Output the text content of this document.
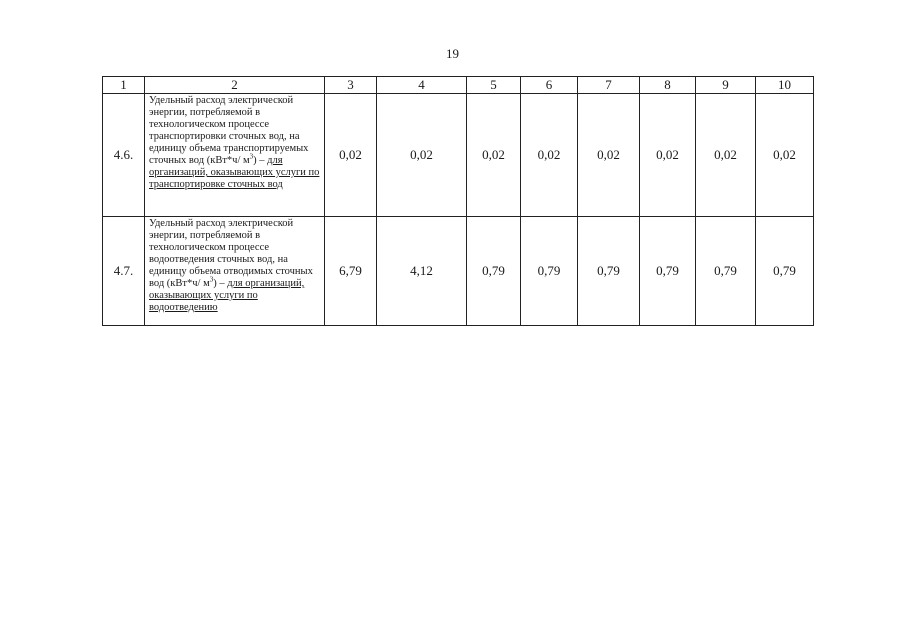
19
1	2	3	4	5	6	7	8	9	10
4.6.	Удельный расход электрической энергии, потребляемой в технологическом процессе транспортировки сточных вод, на единицу объема транспортируемых сточных вод (кВт*ч/ $м^3$) – для организаций, оказывающих услуги по транспортировке сточных вод	0,02	0,02	0,02	0,02	0,02	0,02	0,02	0,02
4.7.	Удельный расход электрической энергии, потребляемой в технологическом процессе водоотведения сточных вод, на единицу объема отводимых сточных вод (кВт*ч/ $м^3$) – для организаций, оказывающих услуги по водоотведению	6,79	4,12	0,79	0,79	0,79	0,79	0,79	0,79
